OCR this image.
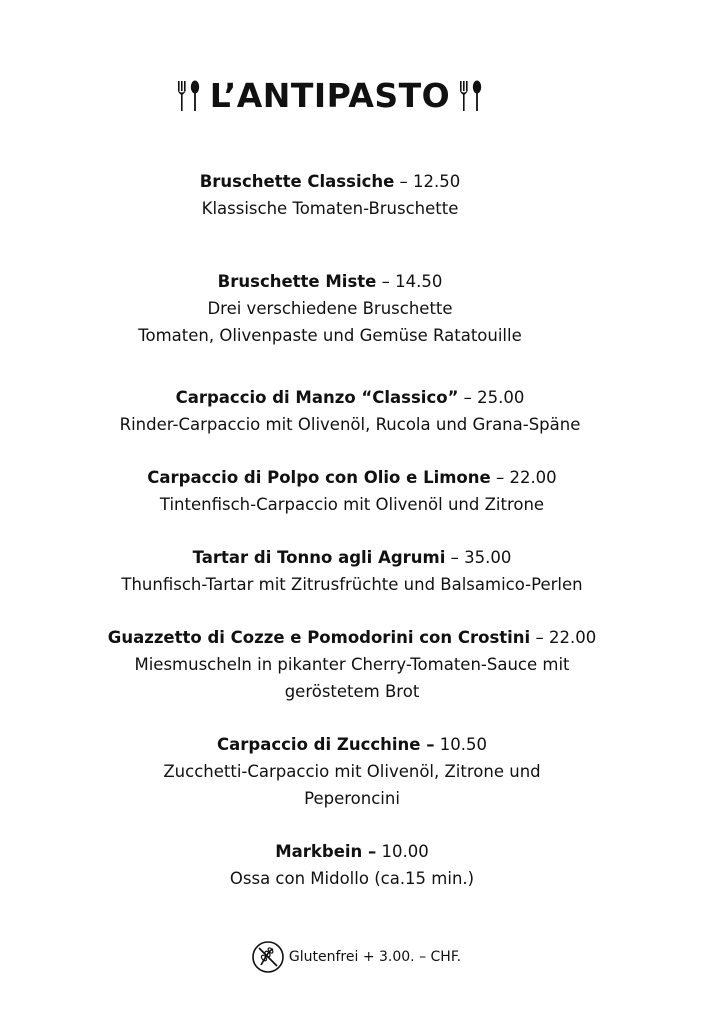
L’ANTIPASTO
Bruschette Classiche – 12.50
Klassische Tomaten-Bruschette
Bruschette Miste – 14.50
Drei verschiedene Bruschette
Tomaten, Olivenpaste und Gemüse Ratatouille
Carpaccio di Manzo “Classico” – 25.00
Rinder-Carpaccio mit Olivenöl, Rucola und Grana-Späne
Carpaccio di Polpo con Olio e Limone – 22.00
Tintenfisch-Carpaccio mit Olivenöl und Zitrone
Tartar di Tonno agli Agrumi – 35.00
Thunfisch-Tartar mit Zitrusfrüchte und Balsamico-Perlen
Guazzetto di Cozze e Pomodorini con Crostini – 22.00
Miesmuscheln in pikanter Cherry-Tomaten-Sauce mit
geröstetem Brot
Carpaccio di Zucchine – 10.50
Zucchetti-Carpaccio mit Olivenöl, Zitrone und
Peperoncini
Markbein – 10.00
Ossa con Midollo (ca.15 min.)
Glutenfrei + 3.00. – CHF.
